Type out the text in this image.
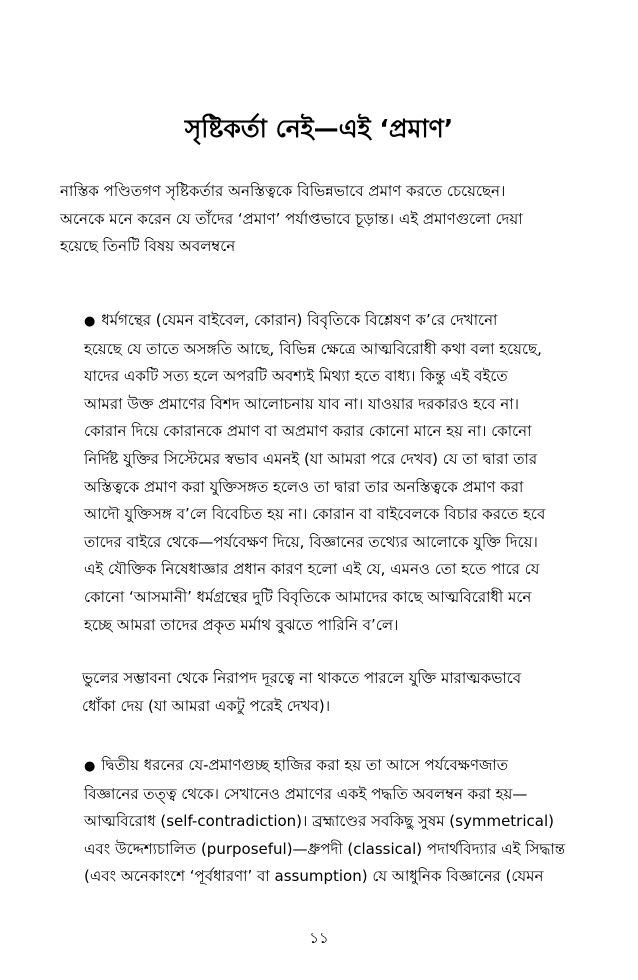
সৃষ্টিকর্তা নেই—এই ‘প্রমাণ’
নাস্তিক পণ্ডিতগণ সৃষ্টিকর্তার অনস্তিত্বকে বিভিন্নভাবে প্রমাণ করতে চেয়েছেন।
অনেকে মনে করেন যে তাঁদের ‘প্রমাণ’ পর্যাপ্তভাবে চূড়ান্ত। এই প্রমাণগুলো দেয়া
হয়েছে তিনটি বিষয় অবলম্বনে
● ধর্মগন্থের (যেমন বাইবেল, কোরান) বিবৃতিকে বিশ্লেষণ ক’রে দেখানো
হয়েছে যে তাতে অসঙ্গতি আছে, বিভিন্ন ক্ষেত্রে আত্মবিরোধী কথা বলা হয়েছে,
যাদের একটি সত্য হলে অপরটি অবশ্যই মিথ্যা হতে বাধ্য। কিন্তু এই বইতে
আমরা উক্ত প্রমাণের বিশদ আলোচনায় যাব না। যাওয়ার দরকারও হবে না।
কোরান দিয়ে কোরানকে প্রমাণ বা অপ্রমাণ করার কোনো মানে হয় না। কোনো
নির্দিষ্ট যুক্তির সিস্টেমের স্বভাব এমনই (যা আমরা পরে দেখব) যে তা দ্বারা তার
অস্তিত্বকে প্রমাণ করা যুক্তিসঙ্গত হলেও তা দ্বারা তার অনস্তিত্বকে প্রমাণ করা
আদৌ যুক্তিসঙ্গ ব’লে বিবেচিত হয় না। কোরান বা বাইবেলকে বিচার করতে হবে
তাদের বাইরে থেকে—পর্যবেক্ষণ দিয়ে, বিজ্ঞানের তথ্যের আলোকে যুক্তি দিয়ে।
এই যৌক্তিক নিষেধাজ্ঞার প্রধান কারণ হলো এই যে, এমনও তো হতে পারে যে
কোনো ‘আসমানী’ ধর্মগ্রন্থের দুটি বিবৃতিকে আমাদের কাছে আত্মবিরোধী মনে
হচ্ছে আমরা তাদের প্রকৃত মর্মাথ বুঝতে পারিনি ব’লে।
ভুলের সম্ভাবনা থেকে নিরাপদ দূরত্বে না থাকতে পারলে যুক্তি মারাত্মকভাবে
ধোঁকা দেয় (যা আমরা একটু পরেই দেখব)।
● দ্বিতীয় ধরনের যে-প্রমাণগুচ্ছ হাজির করা হয় তা আসে পর্যবেক্ষণজাত
বিজ্ঞানের তত্ত্ব থেকে। সেখানেও প্রমাণের একই পদ্ধতি অবলম্বন করা হয়—
আত্মবিরোধ (self-contradiction)। ব্রহ্মাণ্ডের সবকিছু সুষম (symmetrical)
এবং উদ্দেশ্যচালিত (purposeful)—ধ্রুপদী (classical) পদার্থবিদ্যার এই সিদ্ধান্ত
(এবং অনেকাংশে ‘পূর্বধারণা’ বা assumption) যে আধুনিক বিজ্ঞানের (যেমন
১১
